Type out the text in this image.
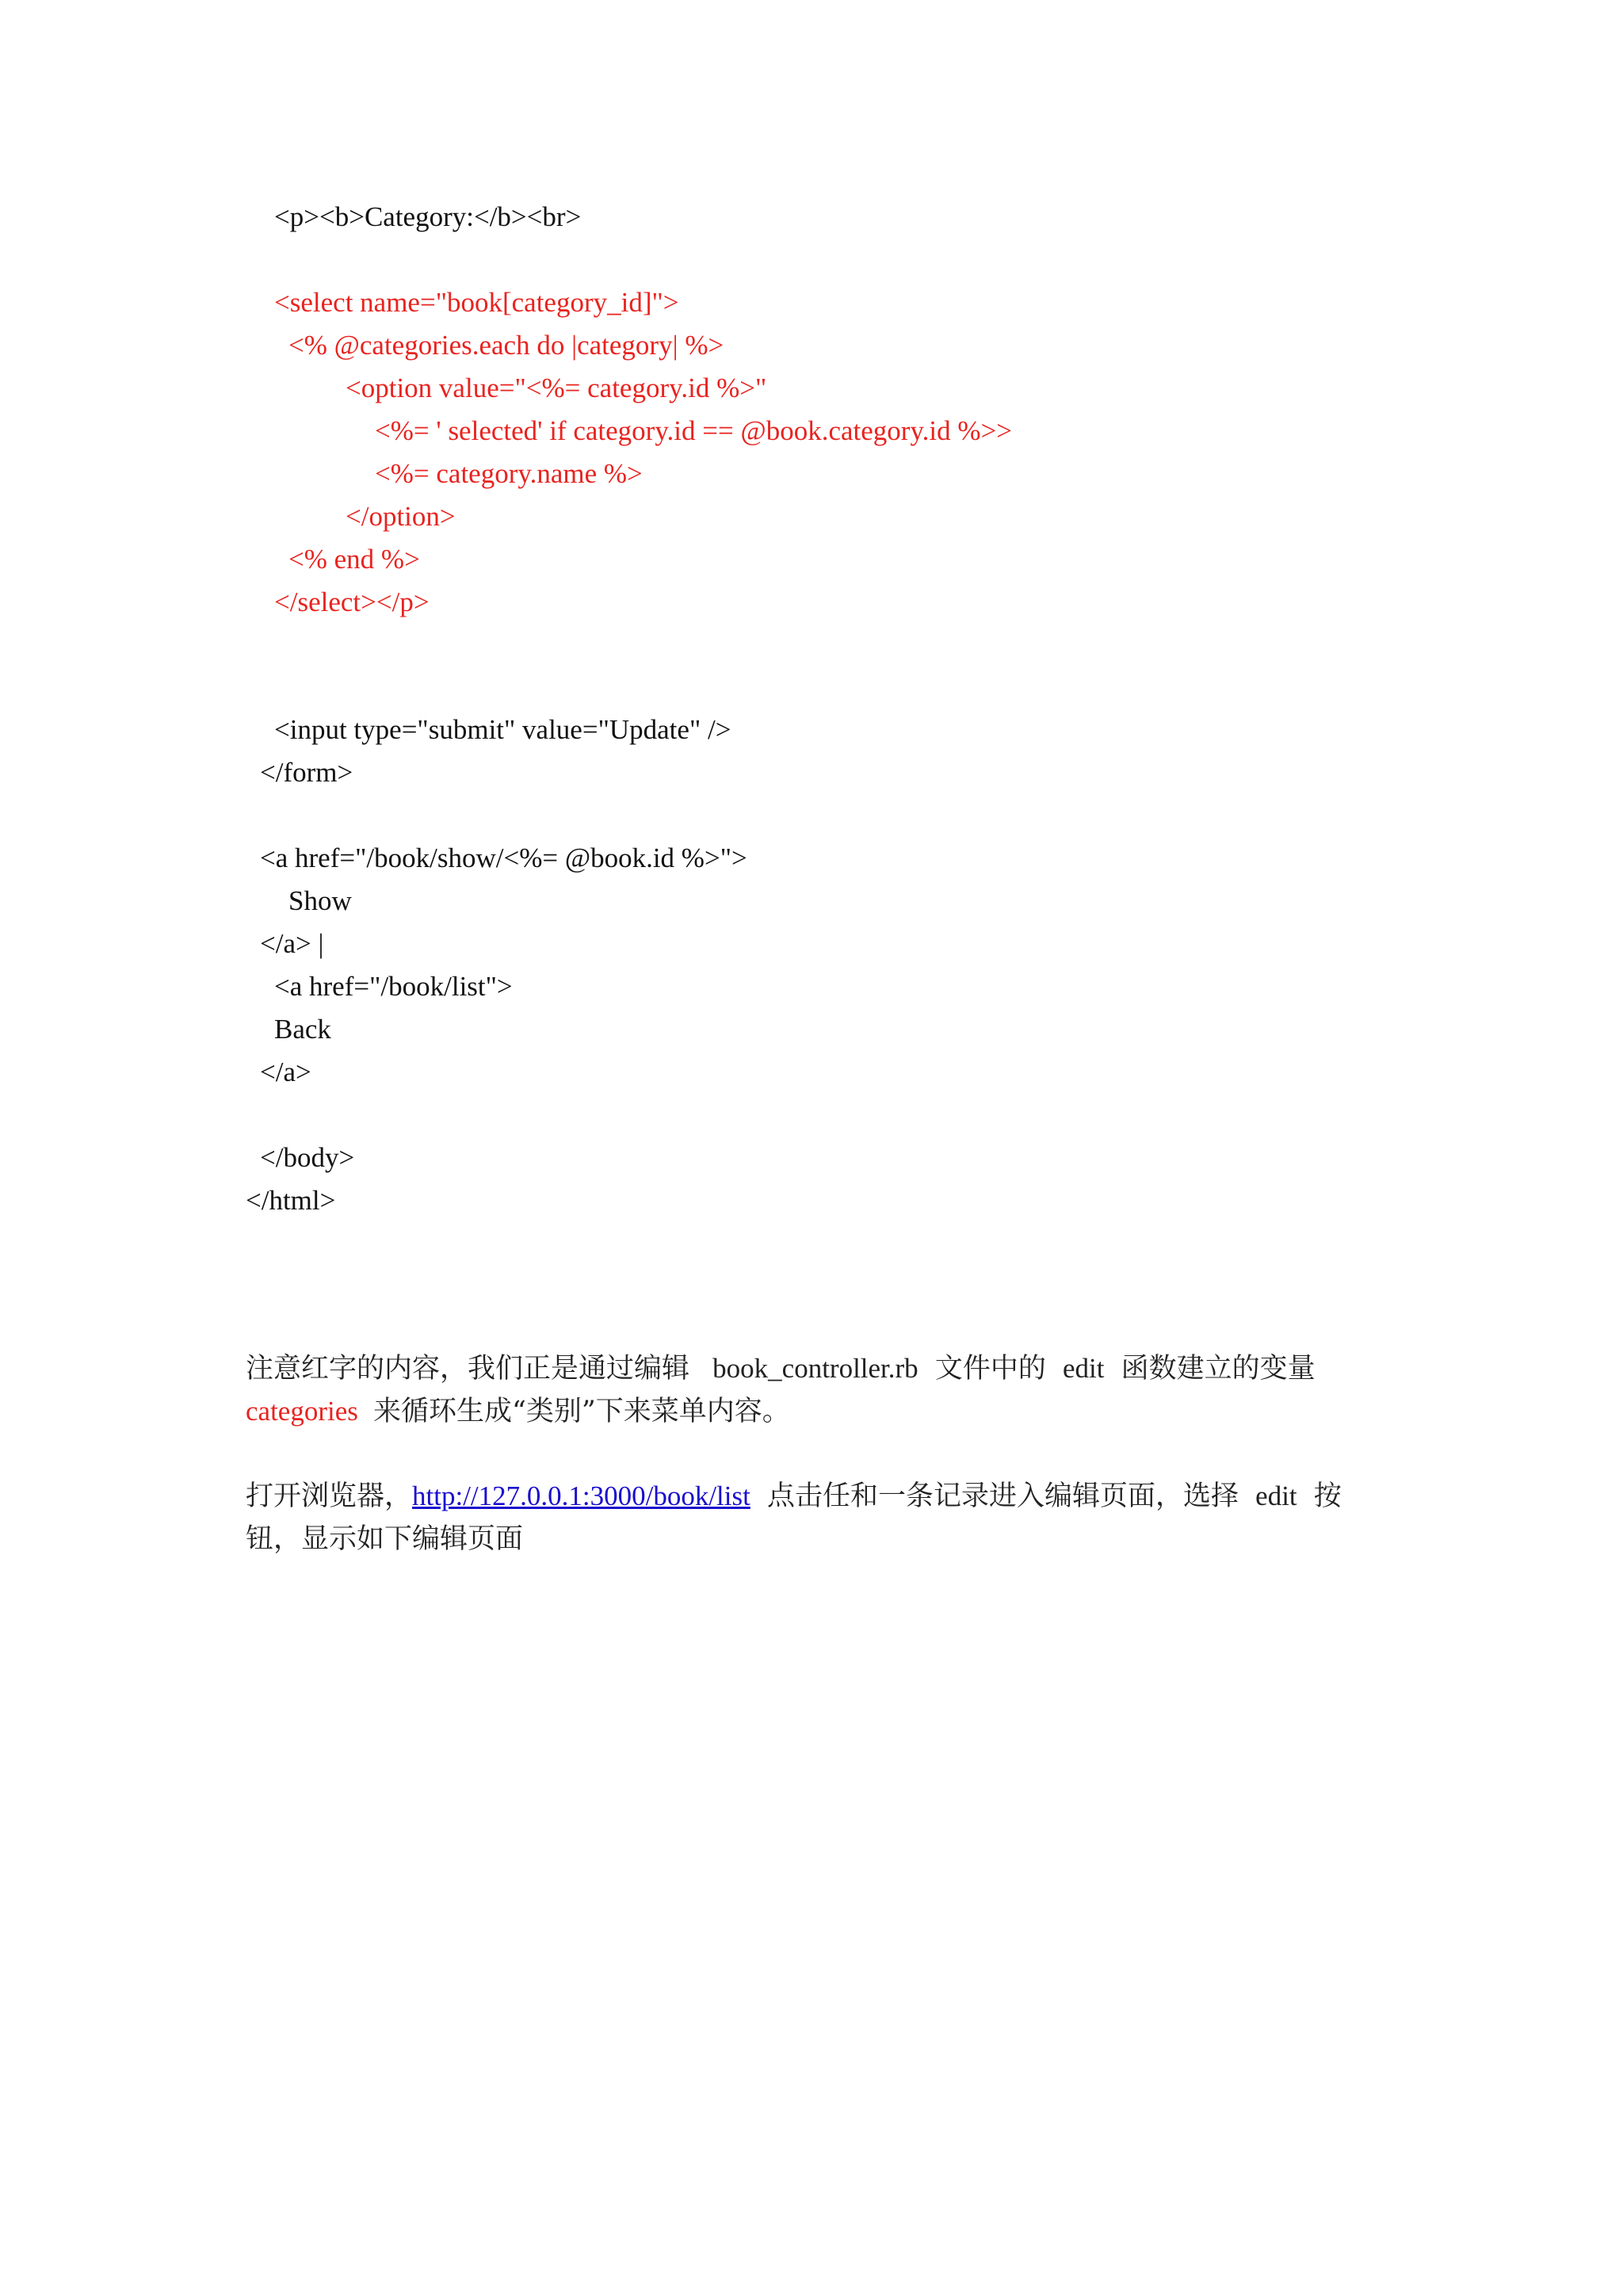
<p><b>Category:</b><br>
<select name="book[category_id]">
<% @categories.each do |category| %>
<option value="<%= category.id %>"
<%= ' selected' if category.id == @book.category.id %>>
<%= category.name %>
</option>
<% end %>
</select></p>
<input type="submit" value="Update" />
</form>
<a href="/book/show/<%= @book.id %>">
Show
</a> |
<a href="/book/list">
Back
</a>
</body>
</html>
注意红字的内容，我们正是通过编辑 book_controller.rb 文件中的 edit 函数建立的变量
categories 来循环生成“类别”下来菜单内容。
打开浏览器，http://127.0.0.1:3000/book/list 点击任和一条记录进入编辑页面，选择 edit 按钮，显示如下编辑页面
